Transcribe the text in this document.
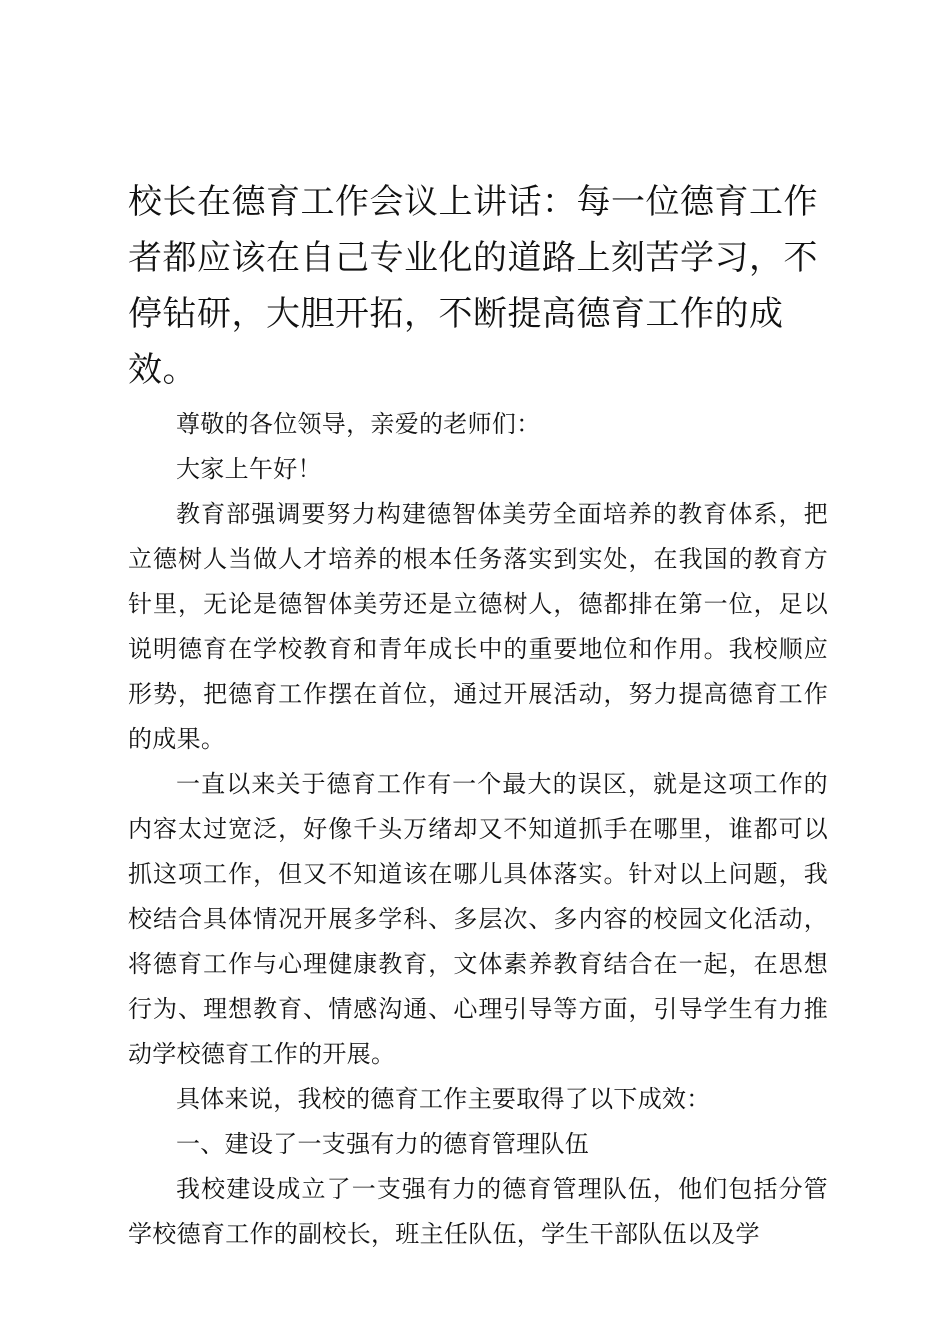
校长在德育工作会议上讲话：每一位德育工作者都应该在自己专业化的道路上刻苦学习，不停钻研，大胆开拓，不断提高德育工作的成效。

尊敬的各位领导，亲爱的老师们：

大家上午好！

教育部强调要努力构建德智体美劳全面培养的教育体系，把立德树人当做人才培养的根本任务落实到实处，在我国的教育方针里，无论是德智体美劳还是立德树人，德都排在第一位，足以说明德育在学校教育和青年成长中的重要地位和作用。我校顺应形势，把德育工作摆在首位，通过开展活动，努力提高德育工作的成果。

一直以来关于德育工作有一个最大的误区，就是这项工作的内容太过宽泛，好像千头万绪却又不知道抓手在哪里，谁都可以抓这项工作，但又不知道该在哪儿具体落实。针对以上问题，我校结合具体情况开展多学科、多层次、多内容的校园文化活动，将德育工作与心理健康教育，文体素养教育结合在一起，在思想行为、理想教育、情感沟通、心理引导等方面，引导学生有力推动学校德育工作的开展。

具体来说，我校的德育工作主要取得了以下成效：

一、建设了一支强有力的德育管理队伍

我校建设成立了一支强有力的德育管理队伍，他们包括分管学校德育工作的副校长，班主任队伍，学生干部队伍以及学
